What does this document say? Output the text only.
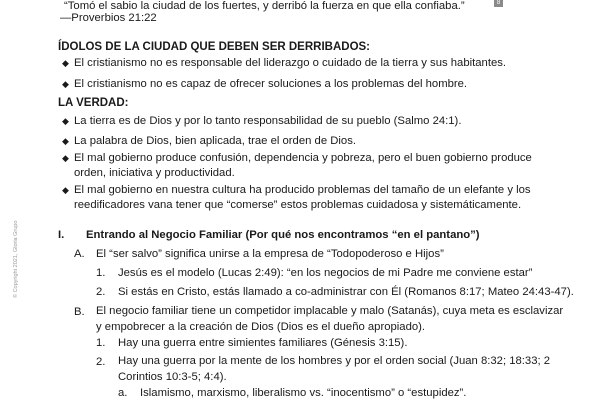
8
© Copyright 2021, Gloria Grupo
“Tomó el sabio la ciudad de los fuertes, y derribó la fuerza en que ella confiaba.”
—Proverbios 21:22
ÍDOLOS DE LA CIUDAD QUE DEBEN SER DERRIBADOS:
◆ El cristianismo no es responsable del liderazgo o cuidado de la tierra y sus habitantes.
◆ El cristianismo no es capaz de ofrecer soluciones a los problemas del hombre.
LA VERDAD:
◆ La tierra es de Dios y por lo tanto responsabilidad de su pueblo (Salmo 24:1).
◆ La palabra de Dios, bien aplicada, trae el orden de Dios.
◆ El mal gobierno produce confusión, dependencia y pobreza, pero el buen gobierno produce orden, iniciativa y productividad.
◆ El mal gobierno en nuestra cultura ha producido problemas del tamaño de un elefante y los reedificadores vana tener que “comerse” estos problemas cuidadosa y sistemáticamente.
I. Entrando al Negocio Familiar (Por qué nos encontramos “en el pantano”)
A. El “ser salvo” significa unirse a la empresa de “Todopoderoso e Hijos”
1. Jesús es el modelo (Lucas 2:49): “en los negocios de mi Padre me conviene estar”
2. Si estás en Cristo, estás llamado a co-administrar con Él (Romanos 8:17; Mateo 24:43-47).
B. El negocio familiar tiene un competidor implacable y malo (Satanás), cuya meta es esclavizar y empobrecer a la creación de Dios (Dios es el dueño apropiado).
1. Hay una guerra entre simientes familiares (Génesis 3:15).
2. Hay una guerra por la mente de los hombres y por el orden social (Juan 8:32; 18:33; 2 Corintios 10:3-5; 4:4).
a. Islamismo, marxismo, liberalismo vs. “inocentismo” o “estupidez”.
